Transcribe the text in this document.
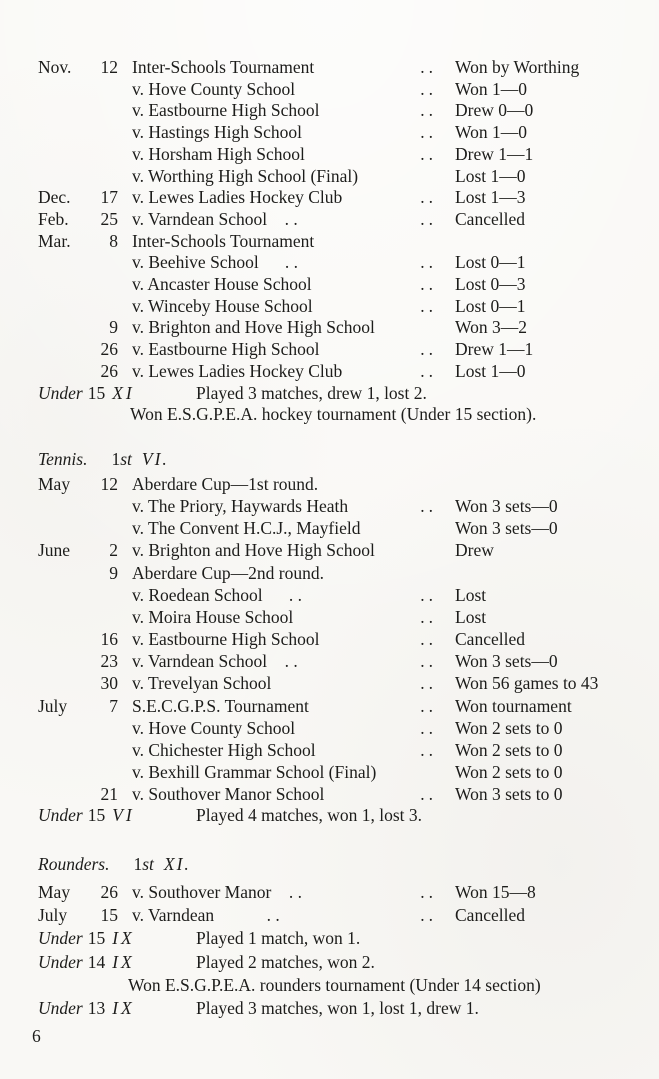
Nov.	12 Inter-Schools Tournament	..	Won by Worthing
v. Hove County School	..	Won 1—0
v. Eastbourne High School	..	Drew 0—0
v. Hastings High School	..	Won 1—0
v. Horsham High School	..	Drew 1—1
v. Worthing High School (Final)	Lost 1—0
Dec.	17 v. Lewes Ladies Hockey Club	..	Lost 1—3
Feb.	25 v. Varndean School  . .	..	Cancelled
Mar.	8 Inter-Schools Tournament
v. Beehive School   . .	..	Lost 0—1
v. Ancaster House School	..	Lost 0—3
v. Winceby House School	..	Lost 0—1
9 v. Brighton and Hove High School	Won 3—2
26 v. Eastbourne High School	..	Drew 1—1
26 v. Lewes Ladies Hockey Club	..	Lost 1—0
Under 15 XI	Played 3 matches, drew 1, lost 2.
Won E.S.G.P.E.A. hockey tournament (Under 15 section).
Tennis. 1st VI.
May	12 Aberdare Cup—1st round.
v. The Priory, Haywards Heath	..	Won 3 sets—0
v. The Convent H.C.J., Mayfield	Won 3 sets—0
June	2 v. Brighton and Hove High School	Drew
9 Aberdare Cup—2nd round.
v. Roedean School   . .	..	Lost
v. Moira House School	..	Lost
16 v. Eastbourne High School	..	Cancelled
23 v. Varndean School  . .	..	Won 3 sets—0
30 v. Trevelyan School	..	Won 56 games to 43
July	7 S.E.C.G.P.S. Tournament	..	Won tournament
v. Hove County School	..	Won 2 sets to 0
v. Chichester High School	..	Won 2 sets to 0
v. Bexhill Grammar School (Final)	Won 2 sets to 0
21 v. Southover Manor School	..	Won 3 sets to 0
Under 15 VI	Played 4 matches, won 1, lost 3.
Rounders. 1st XI.
May	26 v. Southover Manor  . .	..	Won 15—8
July	15 v. Varndean      . .	..	Cancelled
Under 15 IX	Played 1 match, won 1.
Under 14 IX	Played 2 matches, won 2.
Won E.S.G.P.E.A. rounders tournament (Under 14 section)
Under 13 IX	Played 3 matches, won 1, lost 1, drew 1.
6
